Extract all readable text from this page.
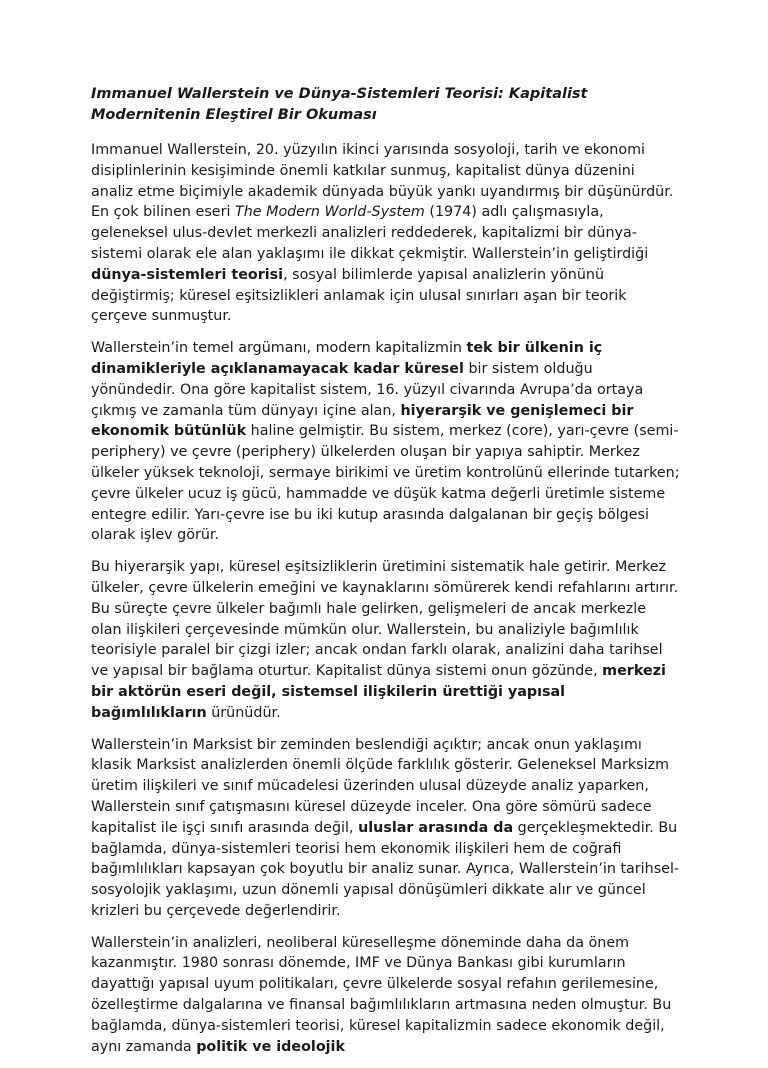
Immanuel Wallerstein ve Dünya-Sistemleri Teorisi: Kapitalist Modernitenin Eleştirel Bir Okuması

Immanuel Wallerstein, 20. yüzyılın ikinci yarısında sosyoloji, tarih ve ekonomi disiplinlerinin kesişiminde önemli katkılar sunmuş, kapitalist dünya düzenini analiz etme biçimiyle akademik dünyada büyük yankı uyandırmış bir düşünürdür. En çok bilinen eseri The Modern World-System (1974) adlı çalışmasıyla, geleneksel ulus-devlet merkezli analizleri reddederek, kapitalizmi bir dünya-sistemi olarak ele alan yaklaşımı ile dikkat çekmiştir. Wallerstein’in geliştirdiği dünya-sistemleri teorisi, sosyal bilimlerde yapısal analizlerin yönünü değiştirmiş; küresel eşitsizlikleri anlamak için ulusal sınırları aşan bir teorik çerçeve sunmuştur.

Wallerstein’in temel argümanı, modern kapitalizmin tek bir ülkenin iç dinamikleriyle açıklanamayacak kadar küresel bir sistem olduğu yönündedir. Ona göre kapitalist sistem, 16. yüzyıl civarında Avrupa’da ortaya çıkmış ve zamanla tüm dünyayı içine alan, hiyerarşik ve genişlemeci bir ekonomik bütünlük haline gelmiştir. Bu sistem, merkez (core), yarı-çevre (semi-periphery) ve çevre (periphery) ülkelerden oluşan bir yapıya sahiptir. Merkez ülkeler yüksek teknoloji, sermaye birikimi ve üretim kontrolünü ellerinde tutarken; çevre ülkeler ucuz iş gücü, hammadde ve düşük katma değerli üretimle sisteme entegre edilir. Yarı-çevre ise bu iki kutup arasında dalgalanan bir geçiş bölgesi olarak işlev görür.

Bu hiyerarşik yapı, küresel eşitsizliklerin üretimini sistematik hale getirir. Merkez ülkeler, çevre ülkelerin emeğini ve kaynaklarını sömürerek kendi refahlarını artırır. Bu süreçte çevre ülkeler bağımlı hale gelirken, gelişmeleri de ancak merkezle olan ilişkileri çerçevesinde mümkün olur. Wallerstein, bu analiziyle bağımlılık teorisiyle paralel bir çizgi izler; ancak ondan farklı olarak, analizini daha tarihsel ve yapısal bir bağlama oturtur. Kapitalist dünya sistemi onun gözünde, merkezi bir aktörün eseri değil, sistemsel ilişkilerin ürettiği yapısal bağımlılıkların ürünüdür.

Wallerstein’in Marksist bir zeminden beslendiği açıktır; ancak onun yaklaşımı klasik Marksist analizlerden önemli ölçüde farklılık gösterir. Geleneksel Marksizm üretim ilişkileri ve sınıf mücadelesi üzerinden ulusal düzeyde analiz yaparken, Wallerstein sınıf çatışmasını küresel düzeyde inceler. Ona göre sömürü sadece kapitalist ile işçi sınıfı arasında değil, uluslar arasında da gerçekleşmektedir. Bu bağlamda, dünya-sistemleri teorisi hem ekonomik ilişkileri hem de coğrafi bağımlılıkları kapsayan çok boyutlu bir analiz sunar. Ayrıca, Wallerstein’in tarihsel-sosyolojik yaklaşımı, uzun dönemli yapısal dönüşümleri dikkate alır ve güncel krizleri bu çerçevede değerlendirir.

Wallerstein’in analizleri, neoliberal küreselleşme döneminde daha da önem kazanmıştır. 1980 sonrası dönemde, IMF ve Dünya Bankası gibi kurumların dayattığı yapısal uyum politikaları, çevre ülkelerde sosyal refahın gerilemesine, özelleştirme dalgalarına ve finansal bağımlılıkların artmasına neden olmuştur. Bu bağlamda, dünya-sistemleri teorisi, küresel kapitalizmin sadece ekonomik değil, aynı zamanda politik ve ideolojik
